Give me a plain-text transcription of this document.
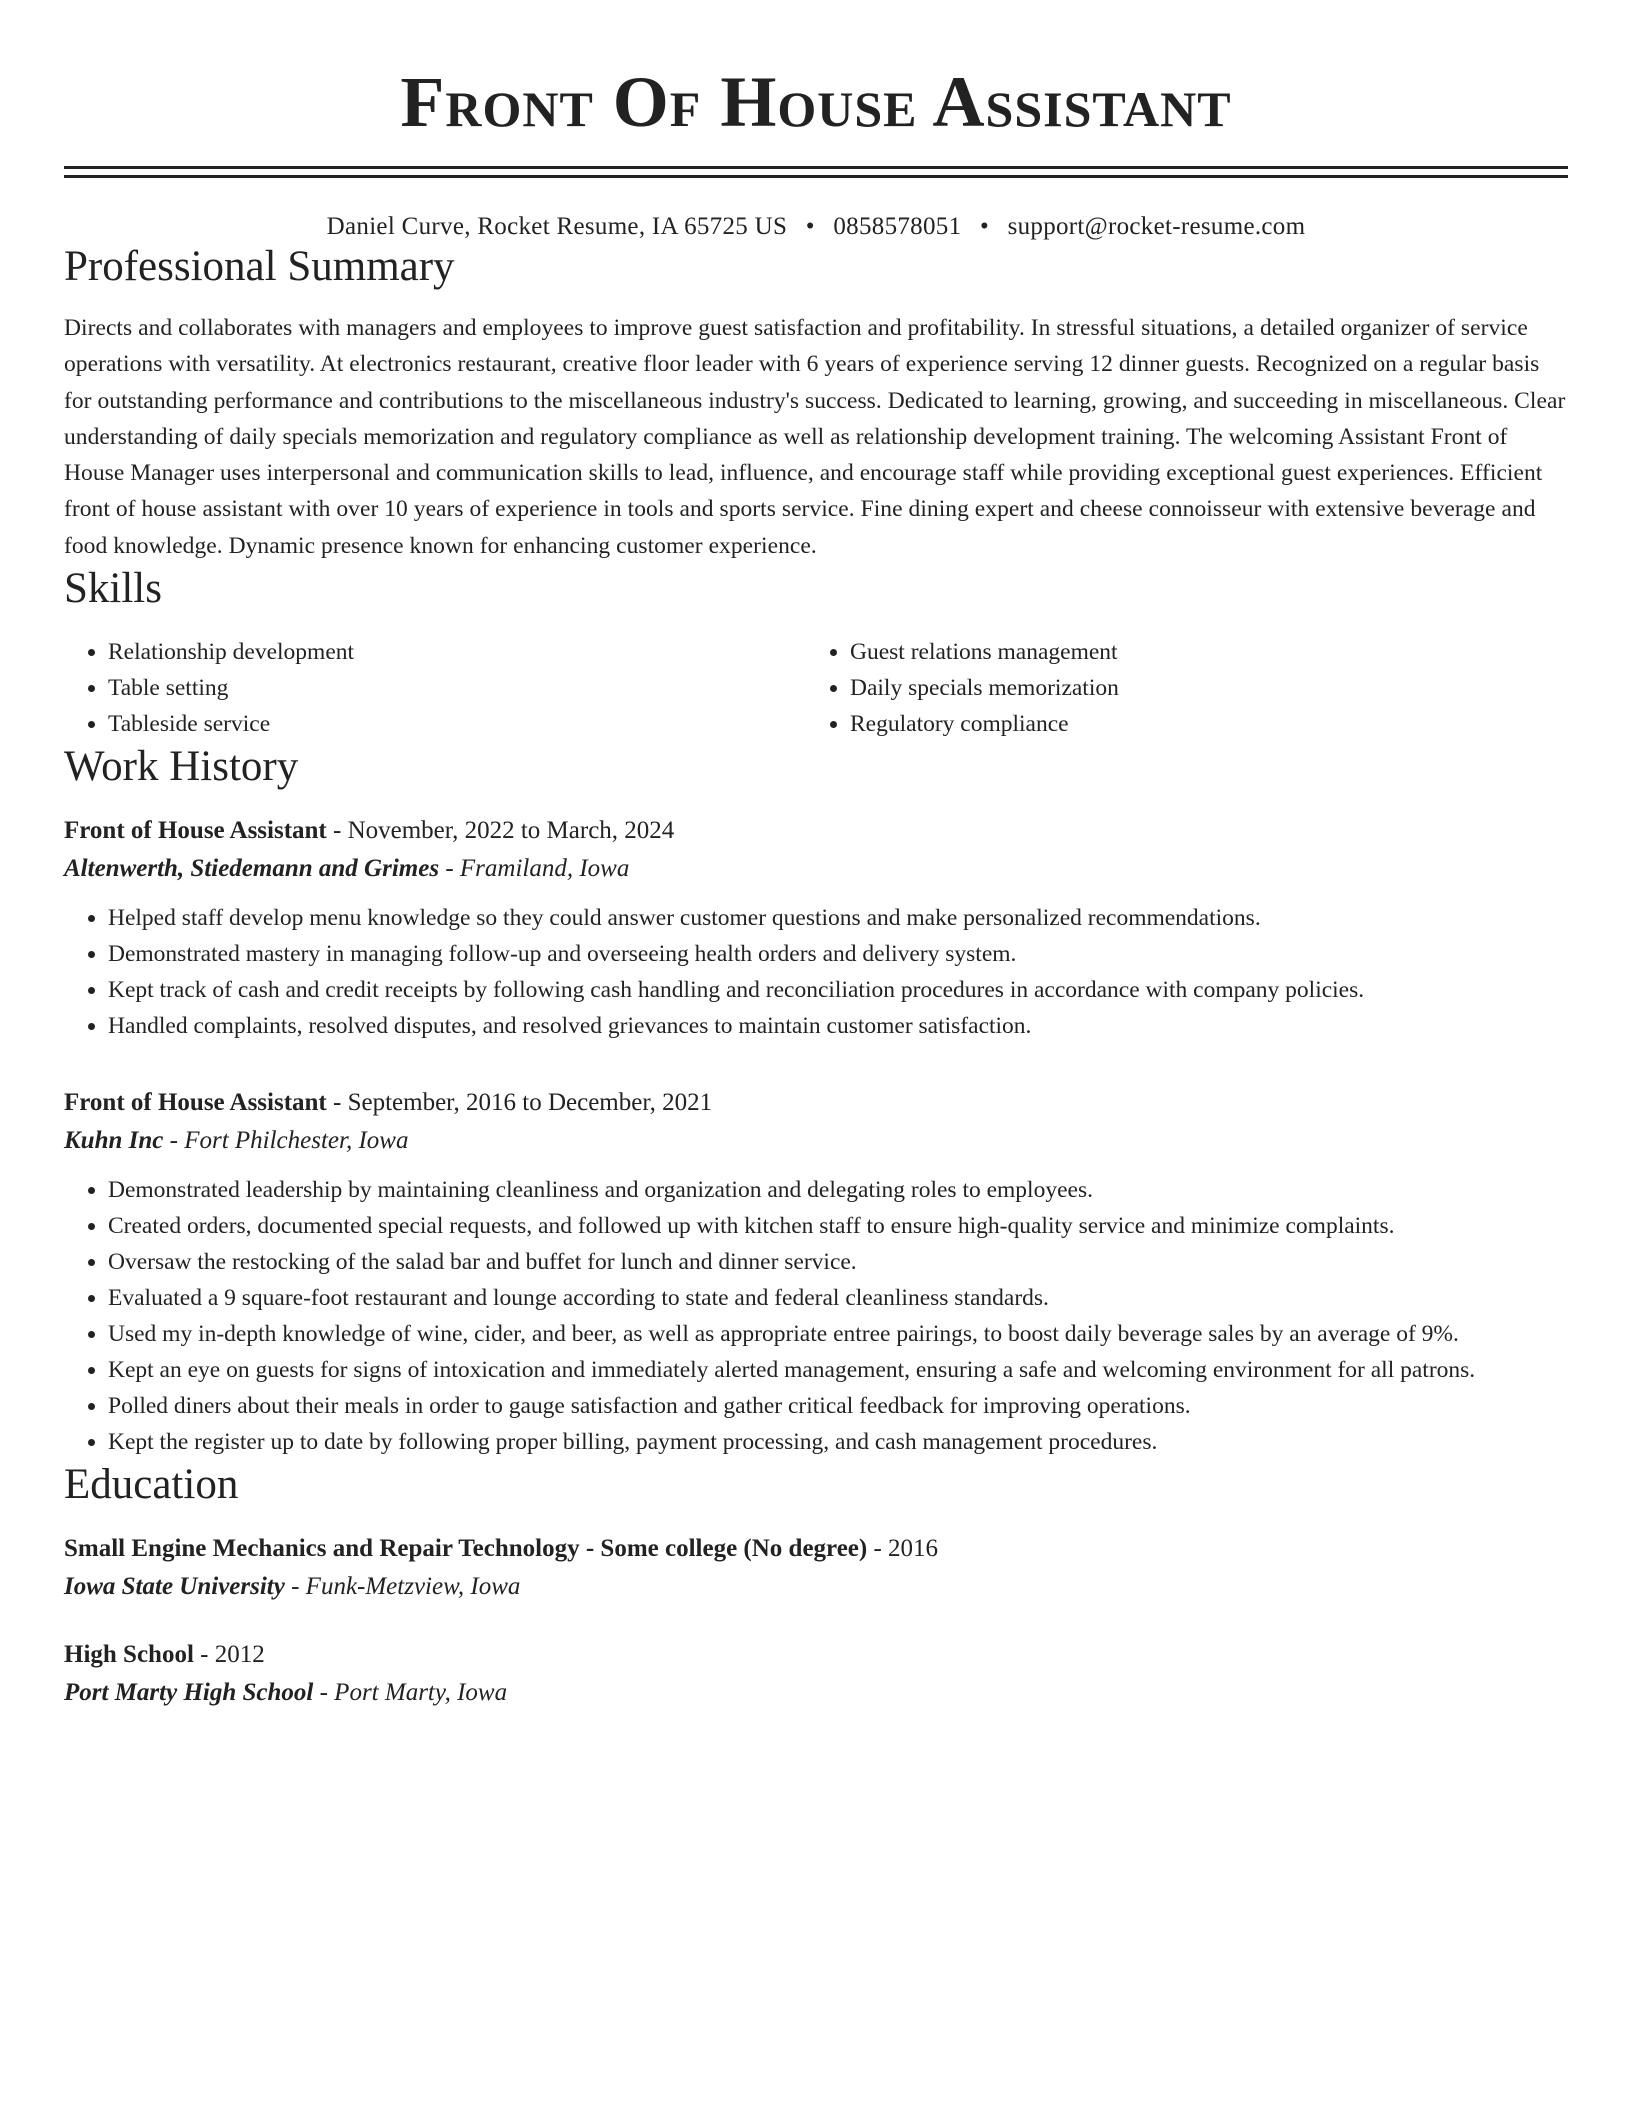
Front Of House Assistant
Daniel Curve, Rocket Resume, IA 65725 US • 0858578051 • support@rocket-resume.com
Professional Summary

Directs and collaborates with managers and employees to improve guest satisfaction and profitability. In stressful situations, a detailed organizer of service operations with versatility. At electronics restaurant, creative floor leader with 6 years of experience serving 12 dinner guests. Recognized on a regular basis for outstanding performance and contributions to the miscellaneous industry's success. Dedicated to learning, growing, and succeeding in miscellaneous. Clear understanding of daily specials memorization and regulatory compliance as well as relationship development training. The welcoming Assistant Front of House Manager uses interpersonal and communication skills to lead, influence, and encourage staff while providing exceptional guest experiences. Efficient front of house assistant with over 10 years of experience in tools and sports service. Fine dining expert and cheese connoisseur with extensive beverage and food knowledge. Dynamic presence known for enhancing customer experience.

Skills
• Relationship development
• Table setting
• Tableside service
• Guest relations management
• Daily specials memorization
• Regulatory compliance
Work History
Front of House Assistant - November, 2022 to March, 2024
Altenwerth, Stiedemann and Grimes - Framiland, Iowa
• Helped staff develop menu knowledge so they could answer customer questions and make personalized recommendations.
• Demonstrated mastery in managing follow-up and overseeing health orders and delivery system.
• Kept track of cash and credit receipts by following cash handling and reconciliation procedures in accordance with company policies.
• Handled complaints, resolved disputes, and resolved grievances to maintain customer satisfaction.
Front of House Assistant - September, 2016 to December, 2021
Kuhn Inc - Fort Philchester, Iowa
• Demonstrated leadership by maintaining cleanliness and organization and delegating roles to employees.
• Created orders, documented special requests, and followed up with kitchen staff to ensure high-quality service and minimize complaints.
• Oversaw the restocking of the salad bar and buffet for lunch and dinner service.
• Evaluated a 9 square-foot restaurant and lounge according to state and federal cleanliness standards.
• Used my in-depth knowledge of wine, cider, and beer, as well as appropriate entree pairings, to boost daily beverage sales by an average of 9%.
• Kept an eye on guests for signs of intoxication and immediately alerted management, ensuring a safe and welcoming environment for all patrons.
• Polled diners about their meals in order to gauge satisfaction and gather critical feedback for improving operations.
• Kept the register up to date by following proper billing, payment processing, and cash management procedures.
Education
Small Engine Mechanics and Repair Technology - Some college (No degree) - 2016
Iowa State University - Funk-Metzview, Iowa
High School - 2012
Port Marty High School - Port Marty, Iowa
